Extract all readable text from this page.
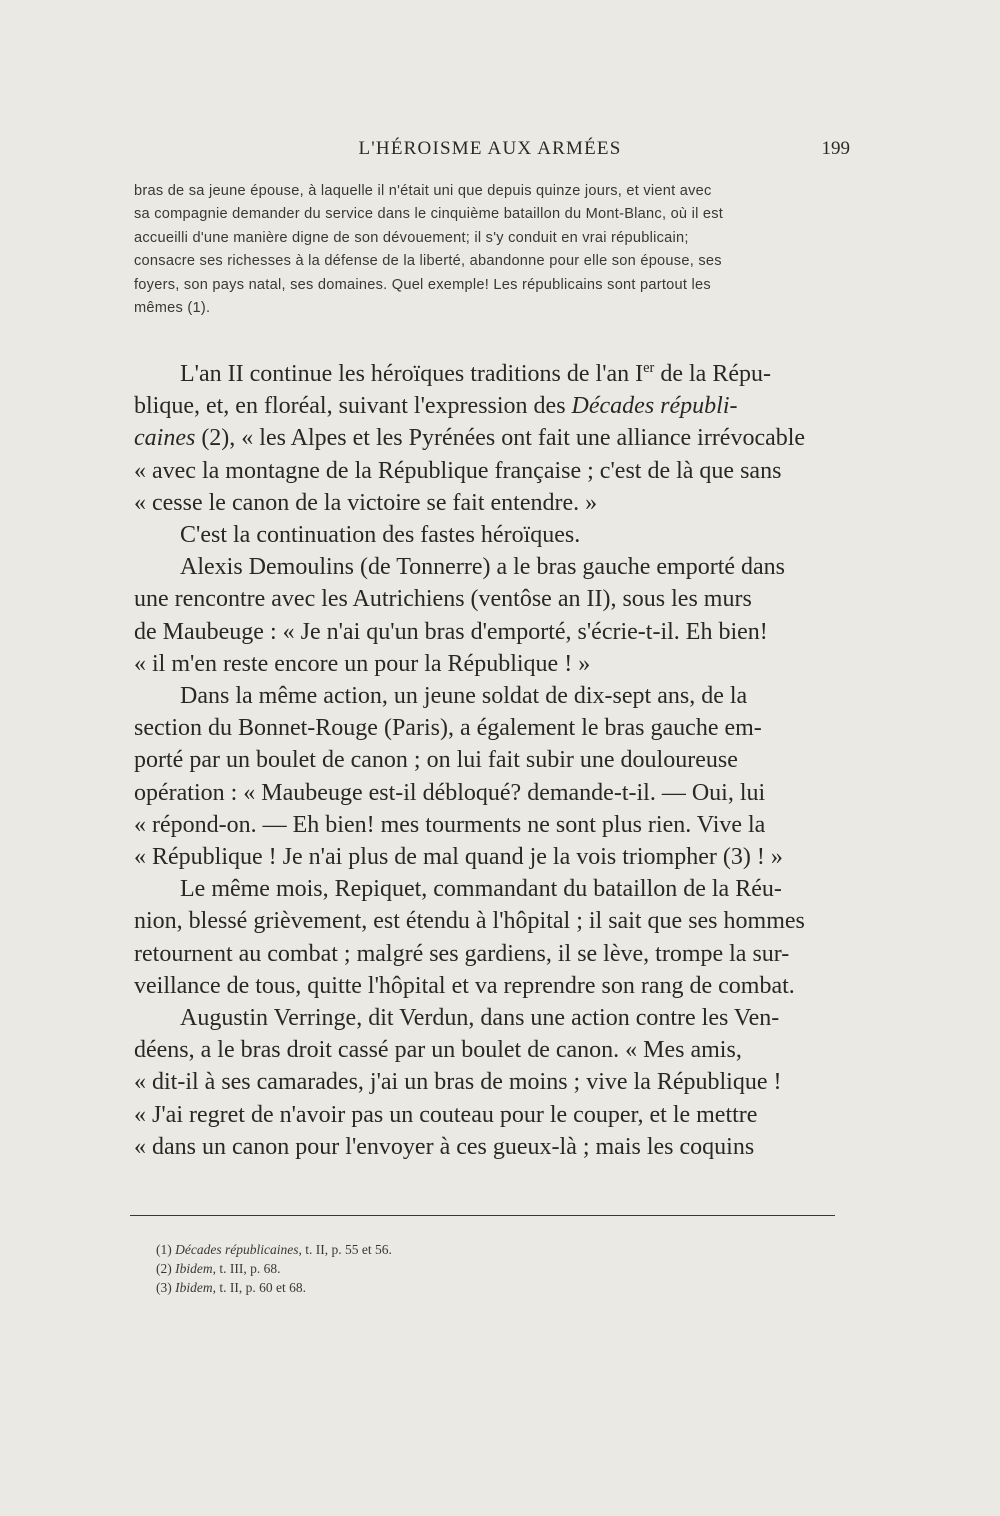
L'HÉROISME AUX ARMÉES	199
bras de sa jeune épouse, à laquelle il n'était uni que depuis quinze jours, et vient avec
sa compagnie demander du service dans le cinquième bataillon du Mont-Blanc, où il est
accueilli d'une manière digne de son dévouement; il s'y conduit en vrai républicain;
consacre ses richesses à la défense de la liberté, abandonne pour elle son épouse, ses
foyers, son pays natal, ses domaines. Quel exemple! Les républicains sont partout les
mêmes (1).
L'an II continue les héroïques traditions de l'an Ier de la Répu-
blique, et, en floréal, suivant l'expression des Décades républi-
caines (2), « les Alpes et les Pyrénées ont fait une alliance irrévocable
« avec la montagne de la République française ; c'est de là que sans
« cesse le canon de la victoire se fait entendre. »
C'est la continuation des fastes héroïques.
Alexis Demoulins (de Tonnerre) a le bras gauche emporté dans
une rencontre avec les Autrichiens (ventôse an II), sous les murs
de Maubeuge : « Je n'ai qu'un bras d'emporté, s'écrie-t-il. Eh bien!
« il m'en reste encore un pour la République ! »
Dans la même action, un jeune soldat de dix-sept ans, de la
section du Bonnet-Rouge (Paris), a également le bras gauche em-
porté par un boulet de canon ; on lui fait subir une douloureuse
opération : « Maubeuge est-il débloqué? demande-t-il. — Oui, lui
« répond-on. — Eh bien! mes tourments ne sont plus rien. Vive la
« République ! Je n'ai plus de mal quand je la vois triompher (3) ! »
Le même mois, Repiquet, commandant du bataillon de la Réu-
nion, blessé grièvement, est étendu à l'hôpital ; il sait que ses hommes
retournent au combat ; malgré ses gardiens, il se lève, trompe la sur-
veillance de tous, quitte l'hôpital et va reprendre son rang de combat.
Augustin Verringe, dit Verdun, dans une action contre les Ven-
déens, a le bras droit cassé par un boulet de canon. « Mes amis,
« dit-il à ses camarades, j'ai un bras de moins ; vive la République !
« J'ai regret de n'avoir pas un couteau pour le couper, et le mettre
« dans un canon pour l'envoyer à ces gueux-là ; mais les coquins
(1) Décades républicaines, t. II, p. 55 et 56.
(2) Ibidem, t. III, p. 68.
(3) Ibidem, t. II, p. 60 et 68.
